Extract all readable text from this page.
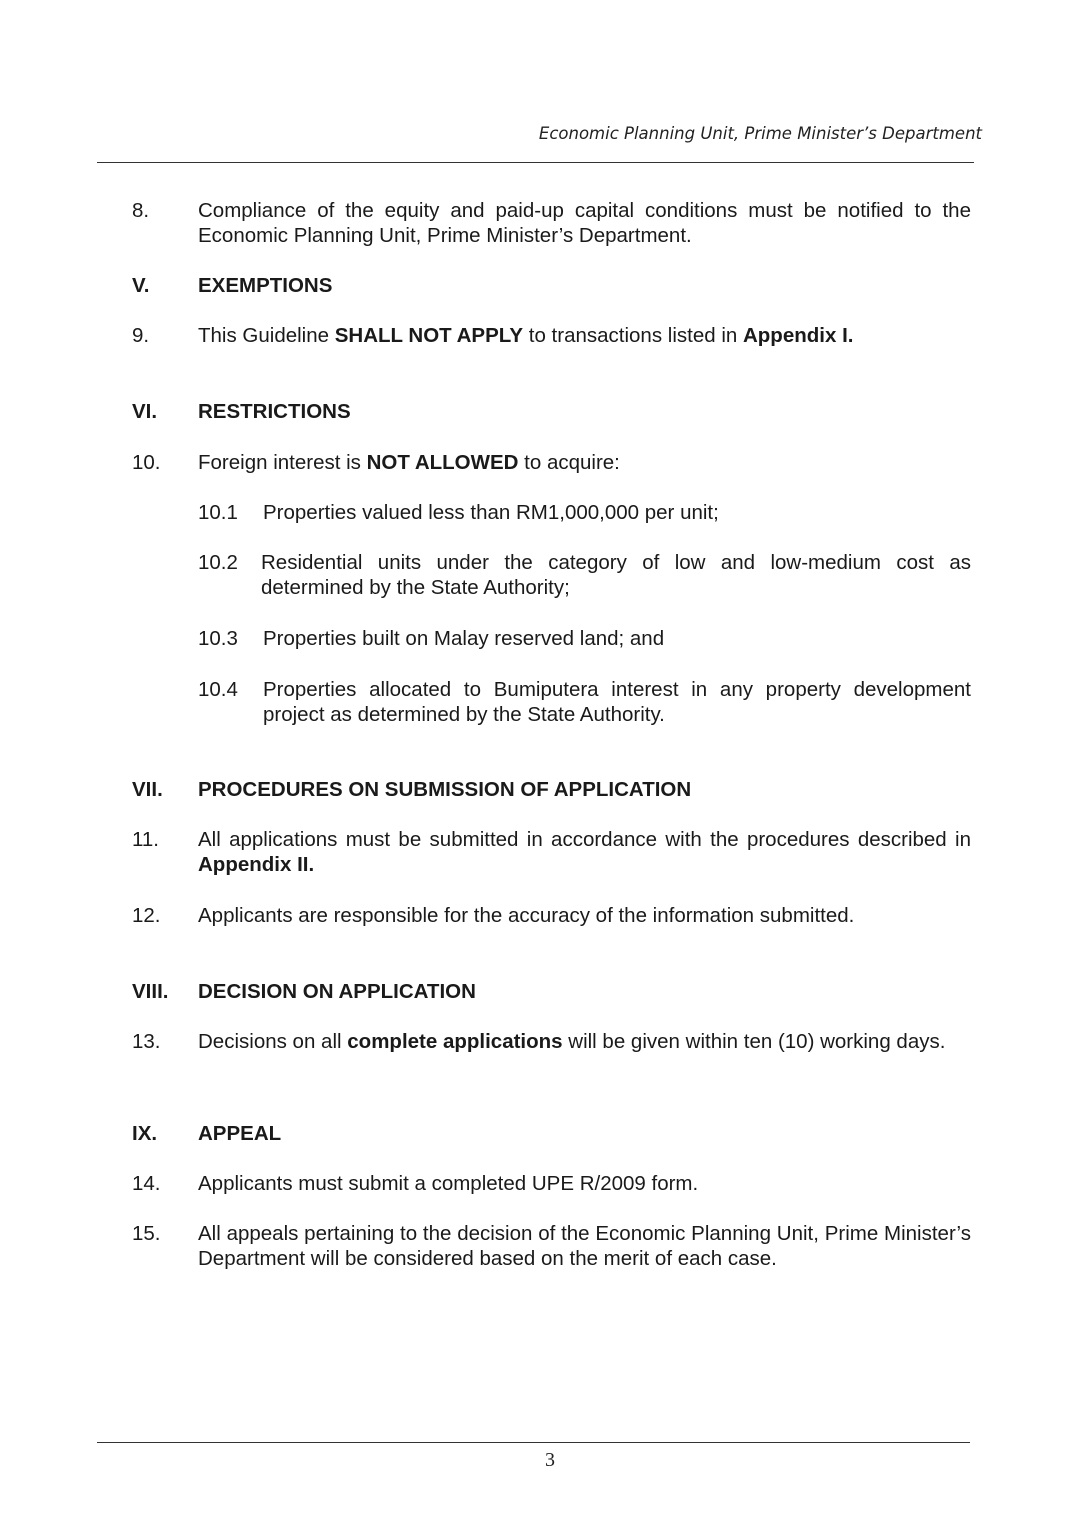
Economic Planning Unit, Prime Minister’s Department
8. Compliance of the equity and paid-up capital conditions must be notified to the Economic Planning Unit, Prime Minister’s Department.
V. EXEMPTIONS
9. This Guideline SHALL NOT APPLY to transactions listed in Appendix I.
VI. RESTRICTIONS
10. Foreign interest is NOT ALLOWED to acquire:
10.1 Properties valued less than RM1,000,000 per unit;
10.2 Residential units under the category of low and low-medium cost as determined by the State Authority;
10.3 Properties built on Malay reserved land; and
10.4 Properties allocated to Bumiputera interest in any property development project as determined by the State Authority.
VII. PROCEDURES ON SUBMISSION OF APPLICATION
11. All applications must be submitted in accordance with the procedures described in Appendix II.
12. Applicants are responsible for the accuracy of the information submitted.
VIII. DECISION ON APPLICATION
13. Decisions on all complete applications will be given within ten (10) working days.
IX. APPEAL
14. Applicants must submit a completed UPE R/2009 form.
15. All appeals pertaining to the decision of the Economic Planning Unit, Prime Minister’s Department will be considered based on the merit of each case.
3
